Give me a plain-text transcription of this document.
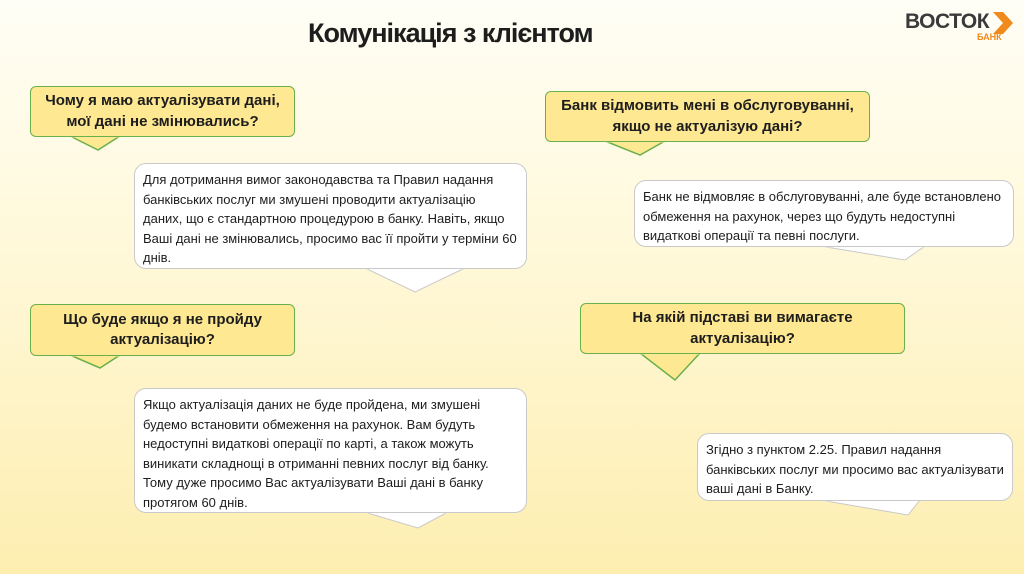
Комунікація з клієнтом	ВОСТОК
БАНК
Чому я маю актуалізувати дані, мої дані не змінювались?
Банк відмовить мені в обслуговуванні, якщо не актуалізую дані?
Що буде якщо я не пройду актуалізацію?
На якій підставі ви вимагаєте актуалізацію?
Для дотримання вимог законодавства та Правил надання банківських послуг ми змушені проводити актуалізацію даних, що є стандартною процедурою в банку. Навіть, якщо Ваші дані не змінювались, просимо вас її пройти у терміни 60 днів.
Банк не відмовляє в обслуговуванні, але буде встановлено обмеження на рахунок, через що будуть недоступні видаткові операції та певні послуги.
Якщо актуалізація даних не буде пройдена, ми змушені будемо встановити обмеження на рахунок. Вам будуть недоступні видаткові операції по карті, а також можуть виникати складнощі в отриманні певних послуг від банку. Тому дуже просимо Вас актуалізувати Ваші дані в банку протягом 60 днів.
Згідно з пунктом 2.25. Правил надання банківських послуг ми просимо вас актуалізувати ваші дані в Банку.
